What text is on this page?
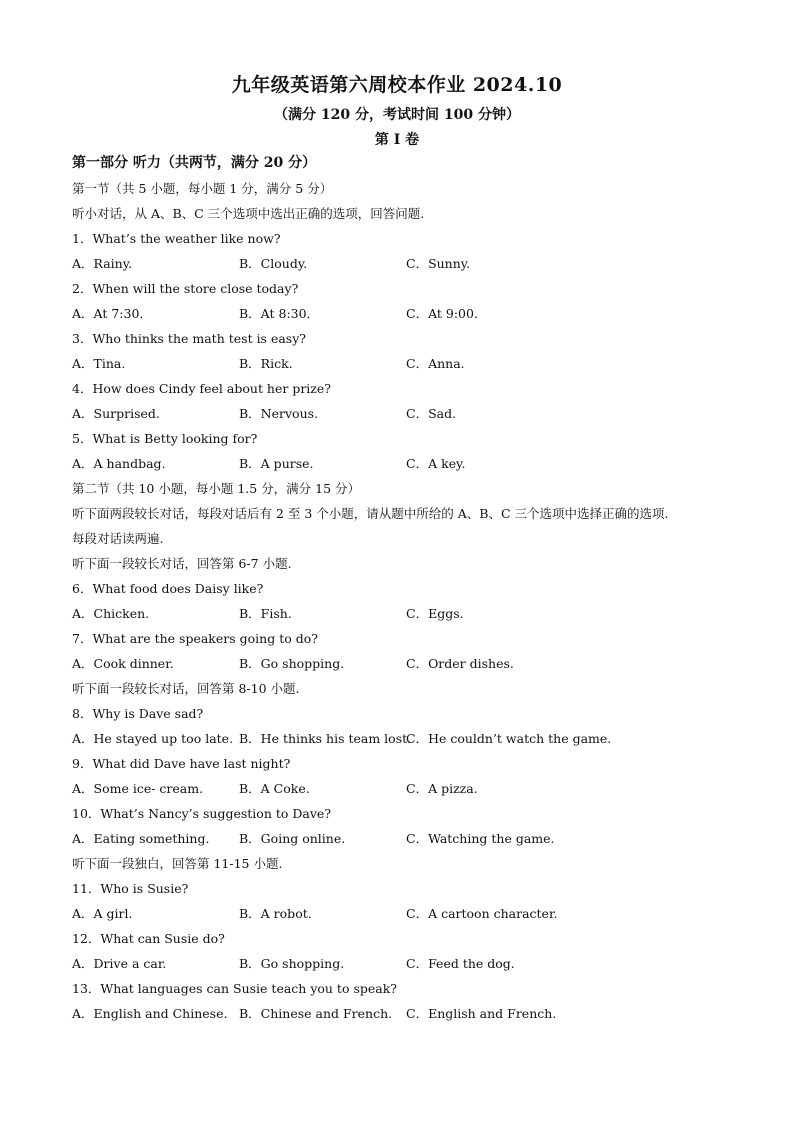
九年级英语第六周校本作业 2024.10
（满分 120 分，考试时间 100 分钟）
第 I 卷
第一部分 听力（共两节，满分 20 分）
第一节（共 5 小题，每小题 1 分，满分 5 分）
听小对话，从 A、B、C 三个选项中选出正确的选项，回答问题.
1．What’s the weather like now?
A．Rainy.	B．Cloudy.	C．Sunny.
2．When will the store close today?
A．At 7:30．	B．At 8:30．	C．At 9:00.
3．Who thinks the math test is easy?
A．Tina.	B．Rick.	C．Anna.
4．How does Cindy feel about her prize?
A．Surprised.	B．Nervous.	C．Sad.
5．What is Betty looking for?
A．A handbag.	B．A purse.	C．A key.
第二节（共 10 小题，每小题 1.5 分，满分 15 分）
听下面两段较长对话，每段对话后有 2 至 3 个小题，请从题中所给的 A、B、C 三个选项中选择正确的选项.
每段对话读两遍.
听下面一段较长对话，回答第 6-7 小题.
6．What food does Daisy like?
A．Chicken.	B．Fish.	C．Eggs.
7．What are the speakers going to do?
A．Cook dinner.	B．Go shopping.	C．Order dishes.
听下面一段较长对话，回答第 8-10 小题.
8．Why is Dave sad?
A．He stayed up too late. B．He thinks his team lost.
C．He couldn’t watch the game.
9．What did Dave have last night?
A．Some ice- cream.	B．A Coke.	C．A pizza.
10．What’s Nancy’s suggestion to Dave?
A．Eating something. B．Going online.	C．Watching the game.
听下面一段独白，回答第 11-15 小题.
11．Who is Susie?
A．A girl.	B．A robot.	C．A cartoon character.
12．What can Susie do?
A．Drive a car.	B．Go shopping.	C．Feed the dog.
13．What languages can Susie teach you to speak?
A．English and Chinese. B．Chinese and French. C．English and French.
